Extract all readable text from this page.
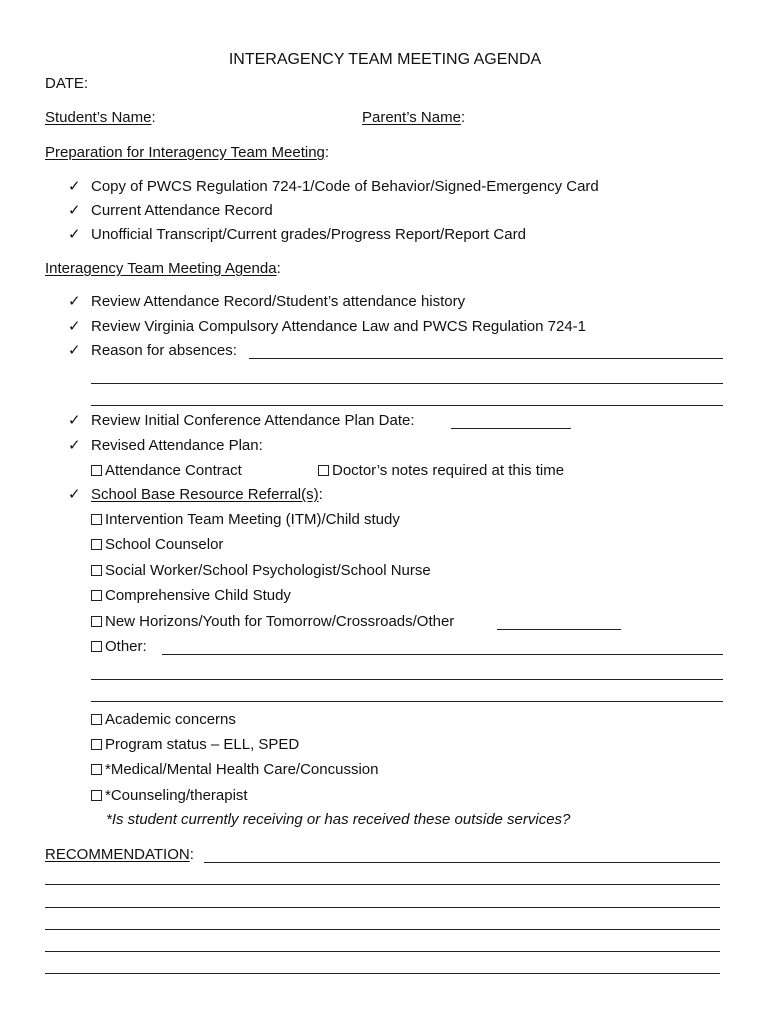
INTERAGENCY TEAM MEETING AGENDA
DATE:
Student’s Name:	Parent’s Name:
Preparation for Interagency Team Meeting:
✓ Copy of PWCS Regulation 724-1/Code of Behavior/Signed-Emergency Card
✓ Current Attendance Record
✓ Unofficial Transcript/Current grades/Progress Report/Report Card
Interagency Team Meeting Agenda:
✓ Review Attendance Record/Student’s attendance history
✓ Review Virginia Compulsory Attendance Law and PWCS Regulation 724-1
✓ Reason for absences:
✓ Review Initial Conference Attendance Plan Date:
✓ Revised Attendance Plan:
Attendance Contract	Doctor’s notes required at this time
✓ School Base Resource Referral(s):
Intervention Team Meeting (ITM)/Child study
School Counselor
Social Worker/School Psychologist/School Nurse
Comprehensive Child Study
New Horizons/Youth for Tomorrow/Crossroads/Other
Other:
Academic concerns
Program status – ELL, SPED
*Medical/Mental Health Care/Concussion
*Counseling/therapist
*Is student currently receiving or has received these outside services?
RECOMMENDATION:
